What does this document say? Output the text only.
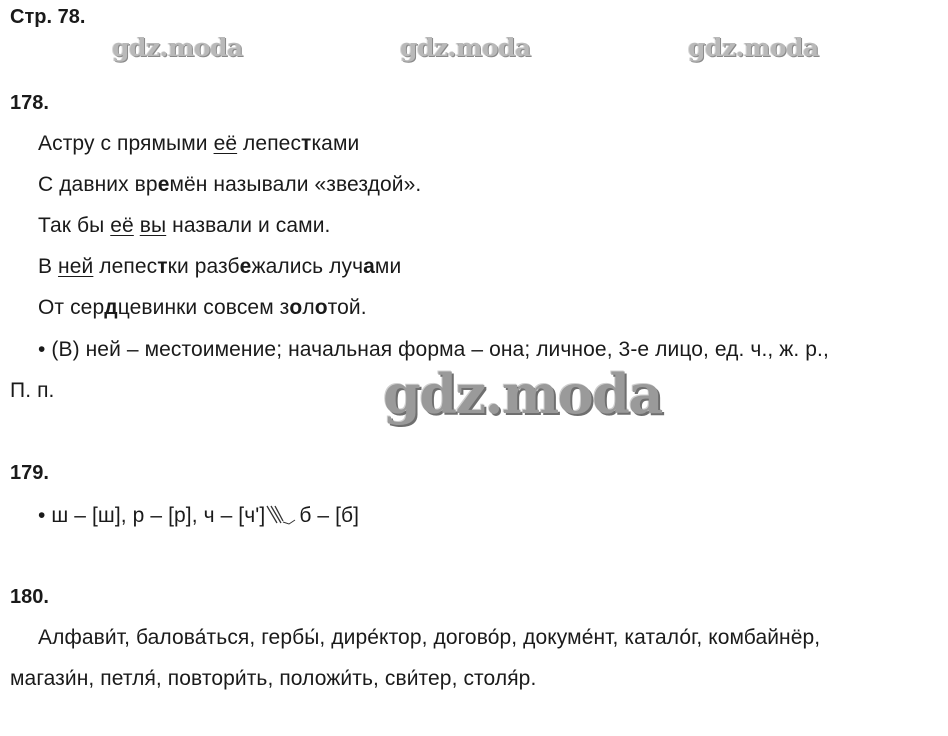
Стр. 78.
gdz.moda	gdz.moda	gdz.moda
178.
Астру с прямыми её лепестками
С давних времён называли «звездой».
Так бы её вы назвали и сами.
В ней лепестки разбежались лучами
От сердцевинки совсем золотой.
• (В) ней – местоимение; начальная форма – она; личное, 3-е лицо, ед. ч., ж. р.,
П. п.	gdz.moda
179.
• ш – [ш], р – [р], ч – [ч'] б – [б]
180.
Алфави́т, балова́ться, гербы́, дире́ктор, догово́р, докуме́нт, катало́г, комбайнёр,
магази́н, петля́, повтори́ть, положи́ть, сви́тер, столя́р.
